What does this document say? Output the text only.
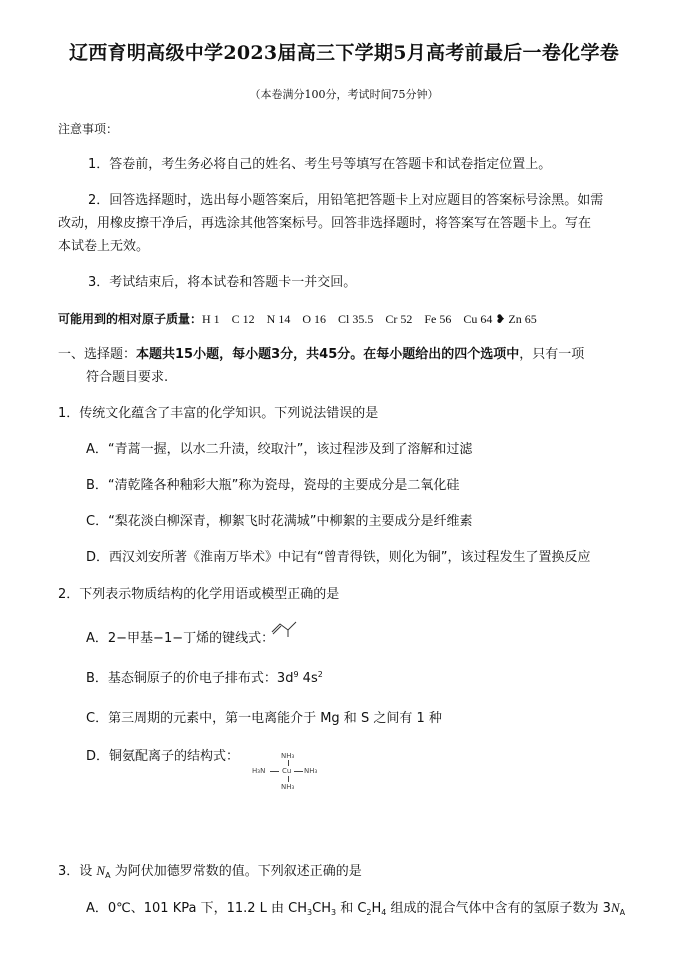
辽西育明高级中学2023届高三下学期5月高考前最后一卷化学卷
（本卷满分100分，考试时间75分钟）
注意事项：
1．答卷前，考生务必将自己的姓名、考生号等填写在答题卡和试卷指定位置上。
2．回答选择题时，选出每小题答案后，用铅笔把答题卡上对应题目的答案标号涂黑。如需
改动，用橡皮擦干净后，再选涂其他答案标号。回答非选择题时，将答案写在答题卡上。写在
本试卷上无效。
3．考试结束后，将本试卷和答题卡一并交回。
可能用到的相对原子质量：H 1　C 12　N 14　O 16　Cl 35.5　Cr 52　Fe 56　Cu 64 ❥ Zn 65
一、选择题：本题共15小题，每小题3分，共45分。在每小题给出的四个选项中，只有一项
符合题目要求.
1．传统文化蕴含了丰富的化学知识。下列说法错误的是
A．“青蒿一握，以水二升渍，绞取汁”，该过程涉及到了溶解和过滤
B．“清乾隆各种釉彩大瓶”称为瓷母，瓷母的主要成分是二氧化硅
C．“梨花淡白柳深青，柳絮飞时花满城”中柳絮的主要成分是纤维素
D．西汉刘安所著《淮南万毕术》中记有“曾青得铁，则化为铜”，该过程发生了置换反应
2．下列表示物质结构的化学用语或模型正确的是
A．2−甲基−1−丁烯的键线式：
B．基态铜原子的价电子排布式：$3d^9$ $4s^2$
C．第三周期的元素中，第一电离能介于 Mg 和 S 之间有 1 种
D．铜氨配离子的结构式：	NH₃
H₃N Cu NH₃
NH₃
3．设 $N_A$ 为阿伏加德罗常数的值。下列叙述正确的是
A．0℃、101 KPa 下，11.2 L 由 $CH_3CH_3$ 和 $C_2H_4$ 组成的混合气体中含有的氢原子数为 $3N_A$
